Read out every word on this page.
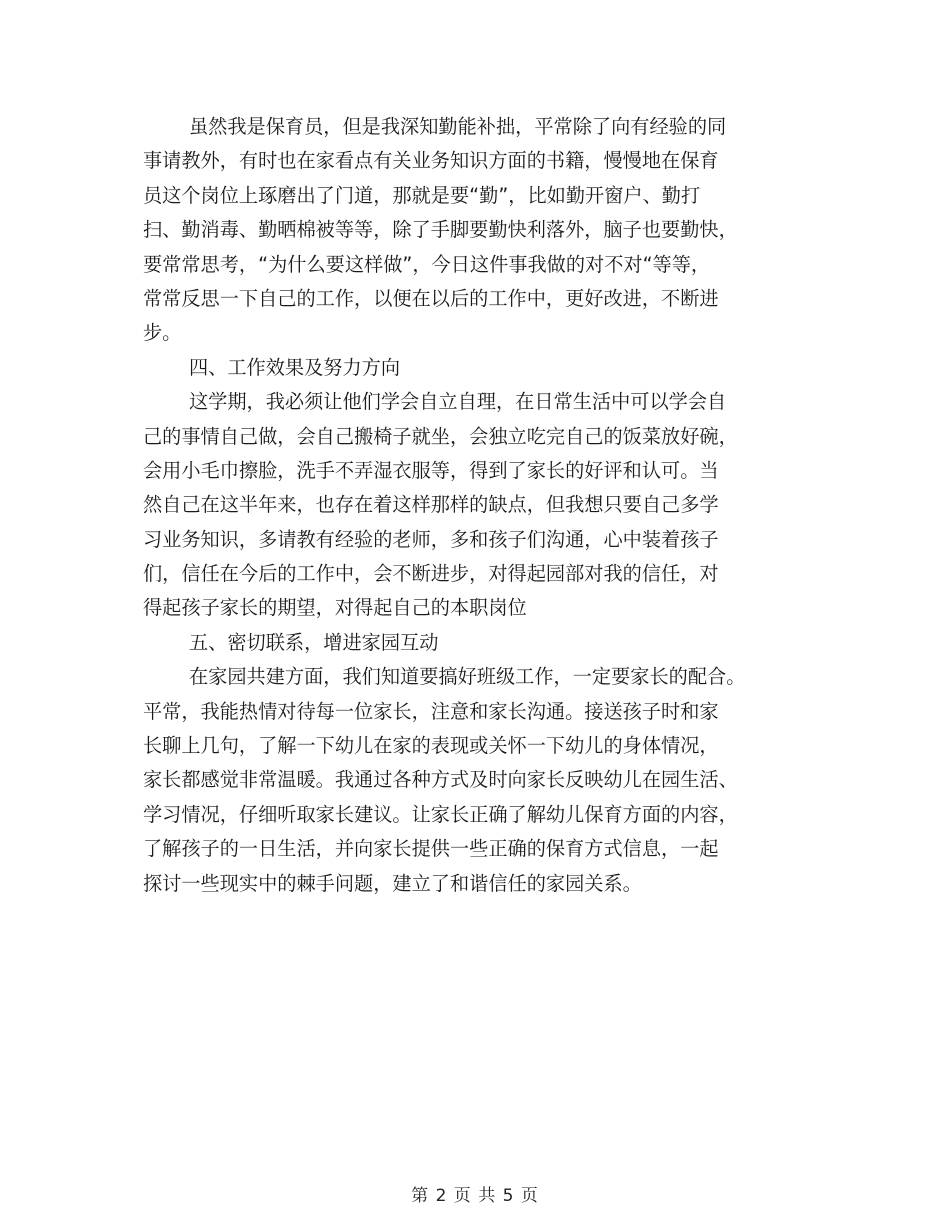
虽然我是保育员，但是我深知勤能补拙，平常除了向有经验的同
事请教外，有时也在家看点有关业务知识方面的书籍，慢慢地在保育
员这个岗位上琢磨出了门道，那就是要“勤”，比如勤开窗户、勤打
扫、勤消毒、勤晒棉被等等，除了手脚要勤快利落外，脑子也要勤快，
要常常思考，“为什么要这样做”，今日这件事我做的对不对“等等，
常常反思一下自己的工作，以便在以后的工作中，更好改进，不断进
步。
四、工作效果及努力方向
这学期，我必须让他们学会自立自理，在日常生活中可以学会自
己的事情自己做，会自己搬椅子就坐，会独立吃完自己的饭菜放好碗，
会用小毛巾擦脸，洗手不弄湿衣服等，得到了家长的好评和认可。当
然自己在这半年来，也存在着这样那样的缺点，但我想只要自己多学
习业务知识，多请教有经验的老师，多和孩子们沟通，心中装着孩子
们，信任在今后的工作中，会不断进步，对得起园部对我的信任，对
得起孩子家长的期望，对得起自己的本职岗位
五、密切联系，增进家园互动
在家园共建方面，我们知道要搞好班级工作，一定要家长的配合。
平常，我能热情对待每一位家长，注意和家长沟通。接送孩子时和家
长聊上几句，了解一下幼儿在家的表现或关怀一下幼儿的身体情况，
家长都感觉非常温暖。我通过各种方式及时向家长反映幼儿在园生活、
学习情况，仔细听取家长建议。让家长正确了解幼儿保育方面的内容，
了解孩子的一日生活，并向家长提供一些正确的保育方式信息，一起
探讨一些现实中的棘手问题，建立了和谐信任的家园关系。
第 2 页 共 5 页
